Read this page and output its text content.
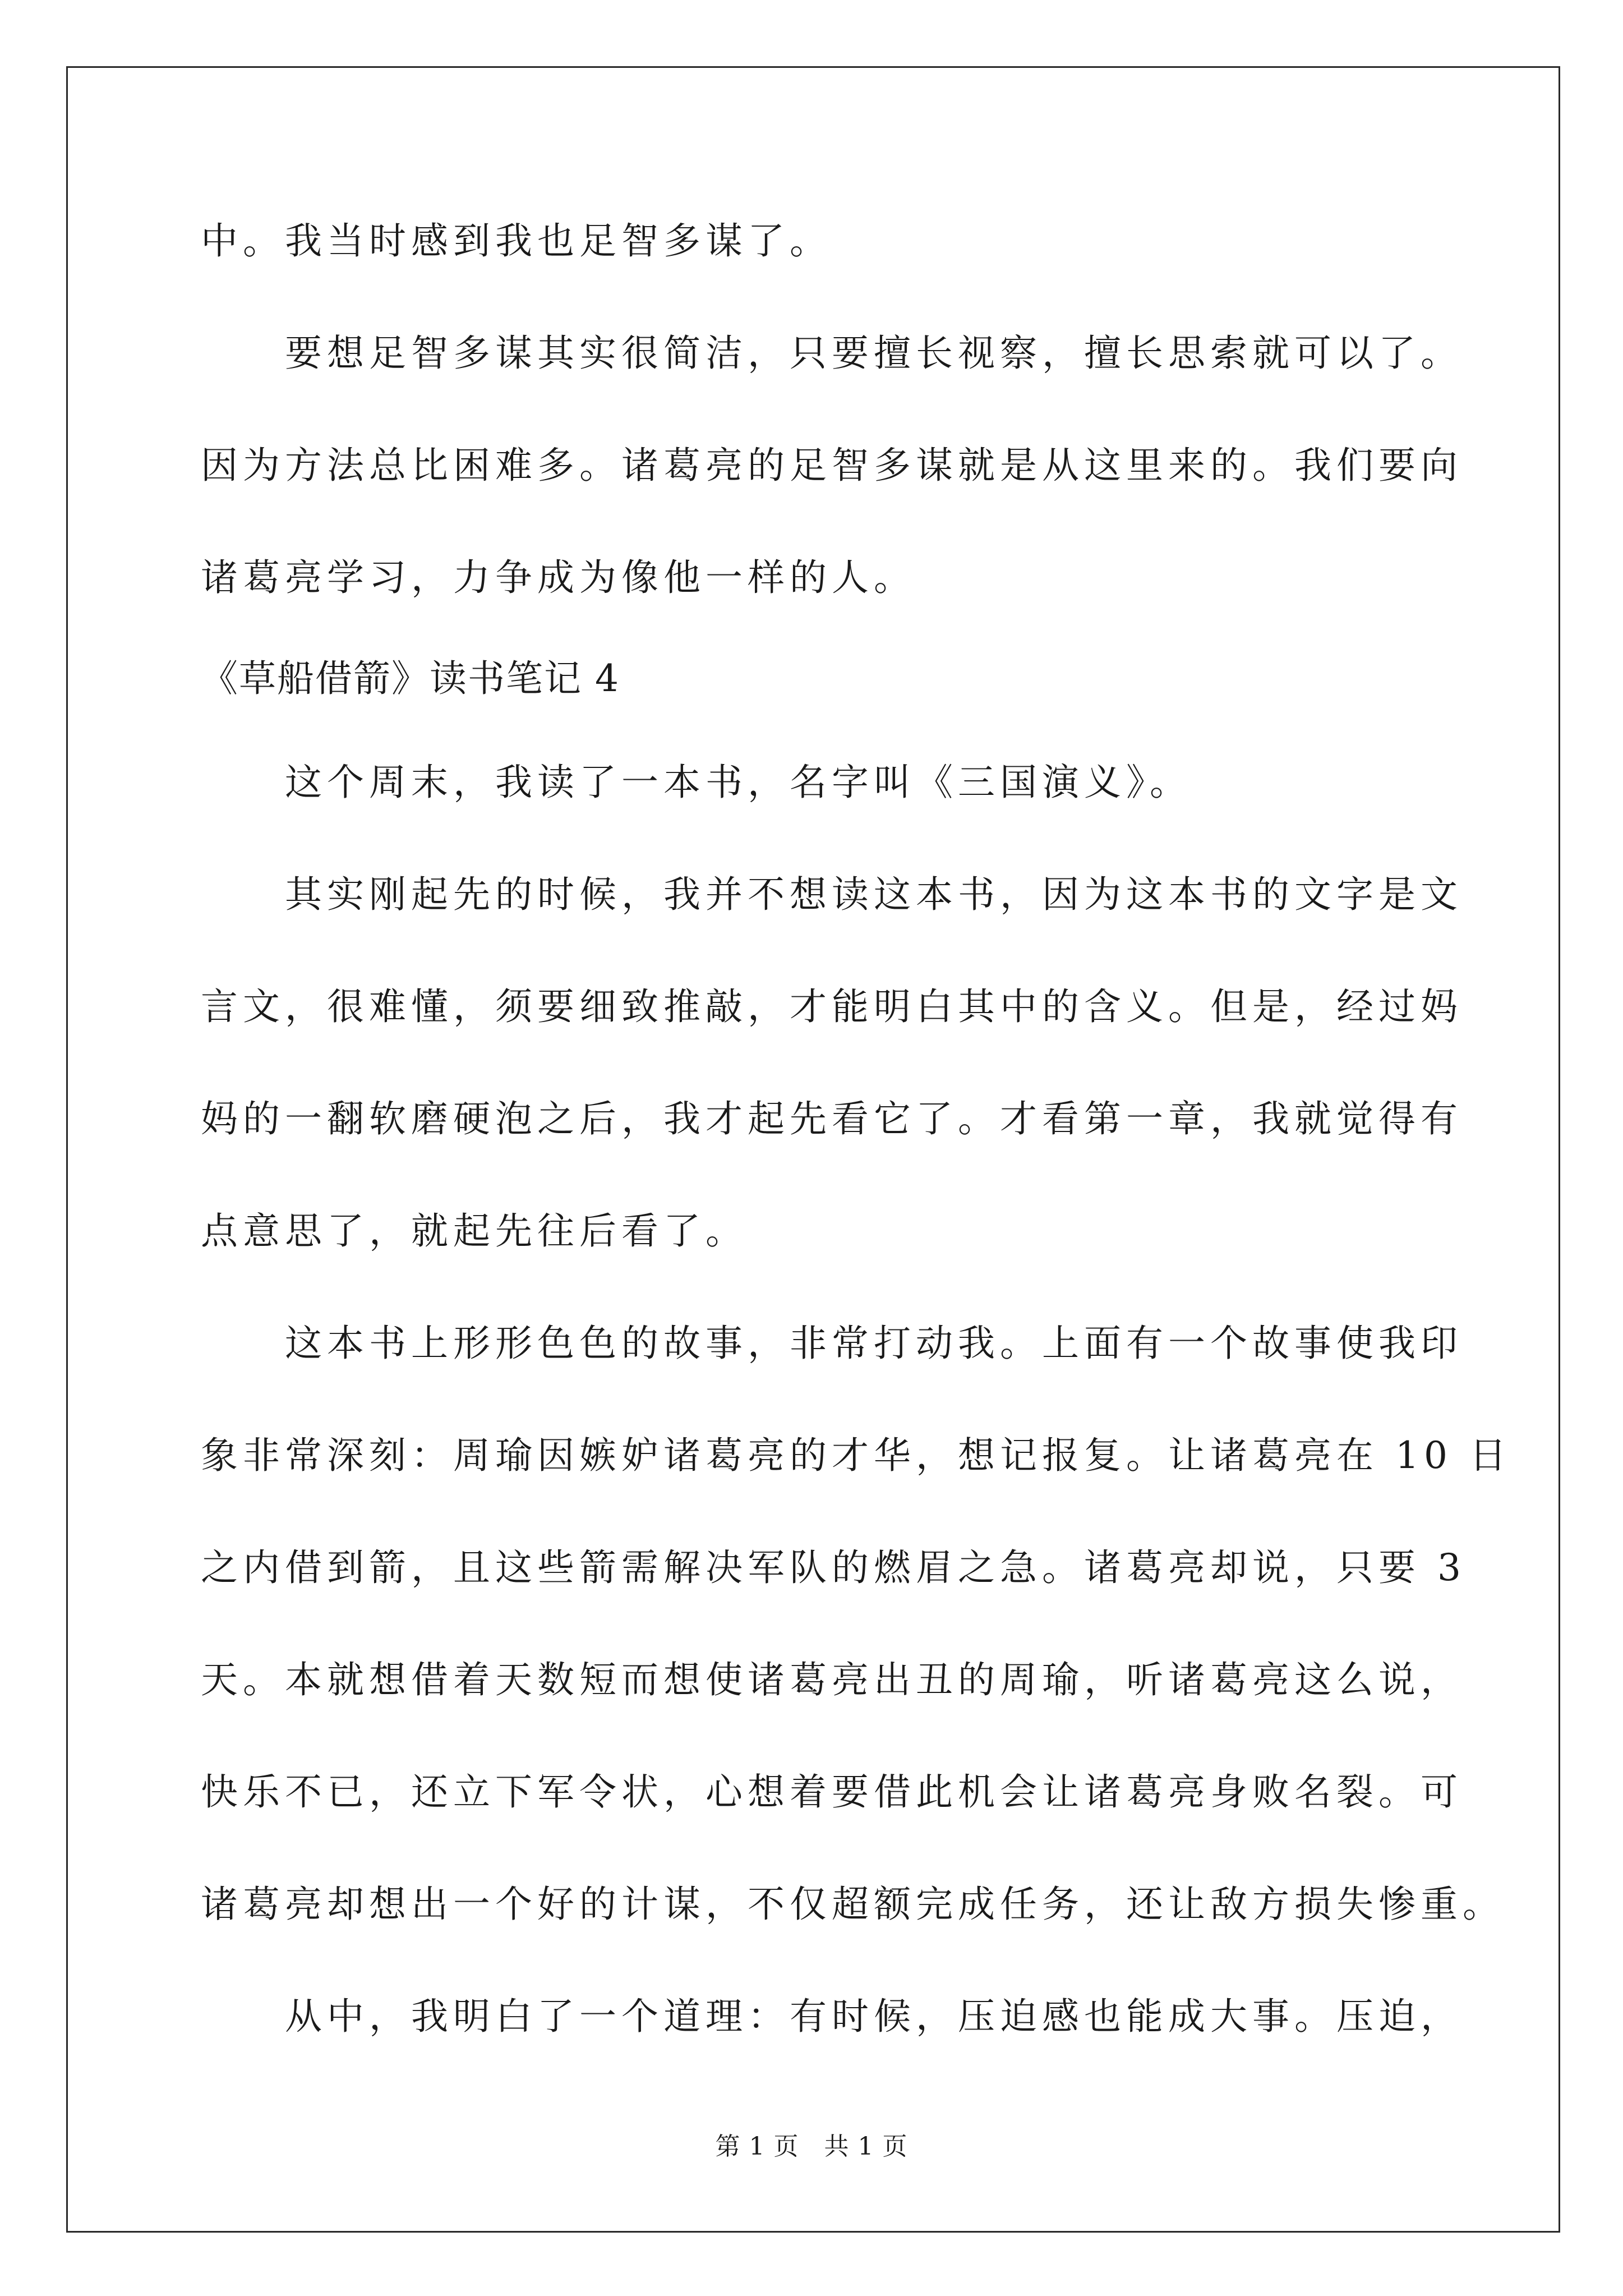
中。我当时感到我也足智多谋了。
　　要想足智多谋其实很简洁，只要擅长视察，擅长思索就可以了。
因为方法总比困难多。诸葛亮的足智多谋就是从这里来的。我们要向
诸葛亮学习，力争成为像他一样的人。
《草船借箭》读书笔记 4
　　这个周末，我读了一本书，名字叫《三国演义》。
　　其实刚起先的时候，我并不想读这本书，因为这本书的文字是文
言文，很难懂，须要细致推敲，才能明白其中的含义。但是，经过妈
妈的一翻软磨硬泡之后，我才起先看它了。才看第一章，我就觉得有
点意思了，就起先往后看了。
　　这本书上形形色色的故事，非常打动我。上面有一个故事使我印
象非常深刻：周瑜因嫉妒诸葛亮的才华，想记报复。让诸葛亮在 10 日
之内借到箭，且这些箭需解决军队的燃眉之急。诸葛亮却说，只要 3
天。本就想借着天数短而想使诸葛亮出丑的周瑜，听诸葛亮这么说，
快乐不已，还立下军令状，心想着要借此机会让诸葛亮身败名裂。可
诸葛亮却想出一个好的计谋，不仅超额完成任务，还让敌方损失惨重。
　　从中，我明白了一个道理：有时候，压迫感也能成大事。压迫，
第 1 页　共 1 页
